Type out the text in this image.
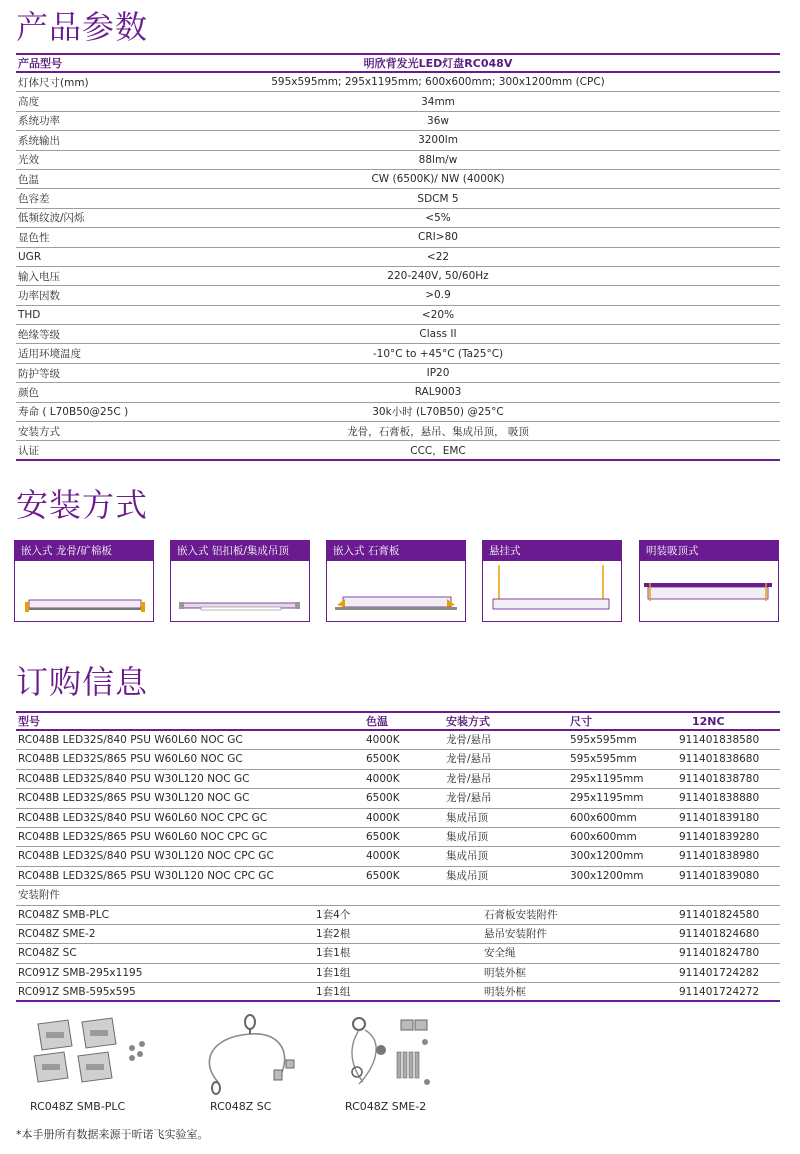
产品参数
产品型号	明欣背发光LED灯盘RC048V
灯体尺寸(mm)	595x595mm; 295x1195mm; 600x600mm; 300x1200mm (CPC)
高度	34mm
系统功率	36w
系统输出	3200lm
光效	88lm/w
色温	CW (6500K)/ NW (4000K)
色容差	SDCM 5
低频纹波/闪烁	<5%
显色性	CRI>80
UGR	<22
输入电压	220-240V, 50/60Hz
功率因数	>0.9
THD	<20%
绝缘等级	Class II
适用环境温度	-10°C to +45°C (Ta25°C)
防护等级	IP20
颜色	RAL9003
寿命 ( L70B50@25C )	30k小时 (L70B50) @25°C
安装方式	龙骨，石膏板，悬吊、集成吊顶， 吸顶
认证	CCC，EMC
安装方式
嵌入式 龙骨/矿棉板	嵌入式 铝扣板/集成吊顶	嵌入式 石膏板	悬挂式	明装吸顶式
订购信息
型号	色温	安装方式	尺寸	12NC
RC048B LED32S/840 PSU W60L60 NOC GC	4000K	龙骨/悬吊	595x595mm	911401838580
RC048B LED32S/865 PSU W60L60 NOC GC	6500K	龙骨/悬吊	595x595mm	911401838680
RC048B LED32S/840 PSU W30L120 NOC GC	4000K	龙骨/悬吊	295x1195mm	911401838780
RC048B LED32S/865 PSU W30L120 NOC GC	6500K	龙骨/悬吊	295x1195mm	911401838880
RC048B LED32S/840 PSU W60L60 NOC CPC GC	4000K	集成吊顶	600x600mm	911401839180
RC048B LED32S/865 PSU W60L60 NOC CPC GC	6500K	集成吊顶	600x600mm	911401839280
RC048B LED32S/840 PSU W30L120 NOC CPC GC	4000K	集成吊顶	300x1200mm	911401838980
RC048B LED32S/865 PSU W30L120 NOC CPC GC	6500K	集成吊顶	300x1200mm	911401839080
安装附件
RC048Z SMB-PLC	1套4个	石膏板安装附件	911401824580
RC048Z SME-2	1套2根	悬吊安装附件	911401824680
RC048Z SC	1套1根	安全绳	911401824780
RC091Z SMB-295x1195	1套1组	明装外框	911401724282
RC091Z SMB-595x595	1套1组	明装外框	911401724272
RC048Z SMB-PLC	RC048Z SC	RC048Z SME-2
*本手册所有数据来源于昕诺飞实验室。
